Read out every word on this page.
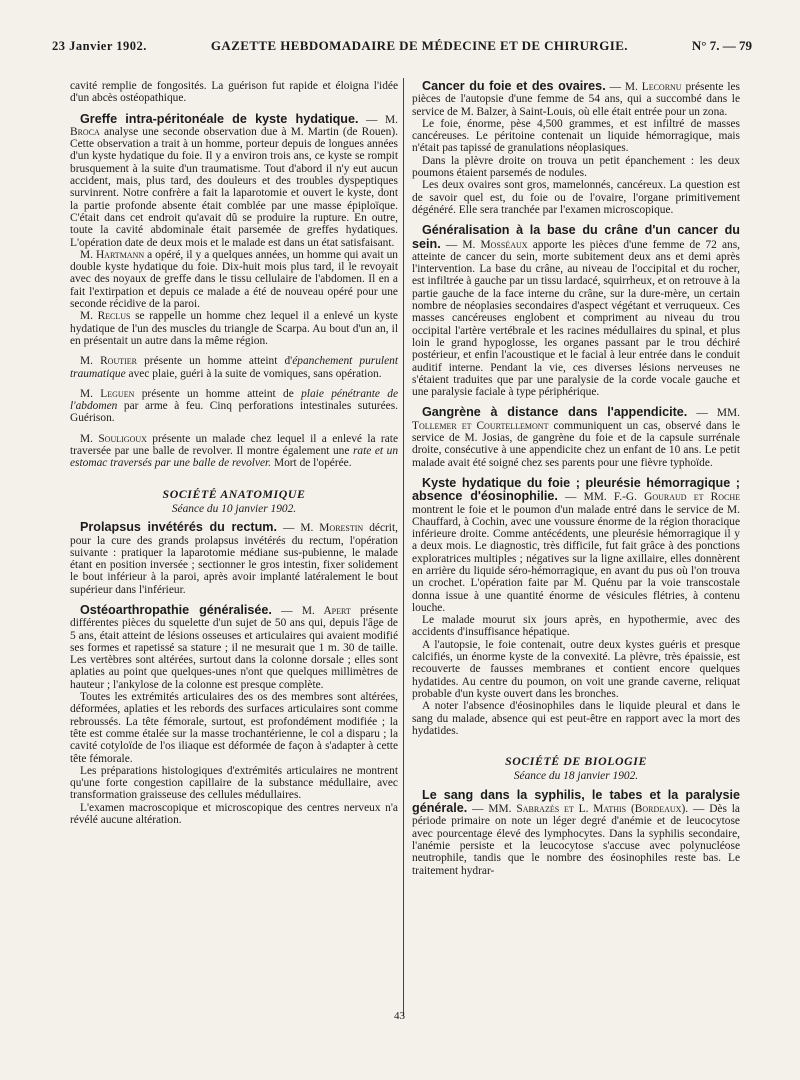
23 Janvier 1902.	GAZETTE HEBDOMADAIRE DE MÉDECINE ET DE CHIRURGIE.	N° 7. — 79

cavité remplie de fongosités. La guérison fut rapide et éloigna l'idée d'un abcès ostéopathique.

Greffe intra-péritonéale de kyste hydatique. — M. Broca analyse une seconde observation due à M. Martin (de Rouen). Cette observation a trait à un homme, porteur depuis de longues années d'un kyste hydatique du foie. Il y a environ trois ans, ce kyste se rompit brusquement à la suite d'un traumatisme. Tout d'abord il n'y eut aucun accident, mais, plus tard, des douleurs et des troubles dyspeptiques survinrent. Notre confrère a fait la laparotomie et ouvert le kyste, dont la partie profonde absente était comblée par une masse épiploïque. C'était dans cet endroit qu'avait dû se produire la rupture. En outre, toute la cavité abdominale était parsemée de greffes hydatiques. L'opération date de deux mois et le malade est dans un état satisfaisant.

M. Hartmann a opéré, il y a quelques années, un homme qui avait un double kyste hydatique du foie. Dix-huit mois plus tard, il le revoyait avec des noyaux de greffe dans le tissu cellulaire de l'abdomen. Il en a fait l'extirpation et depuis ce malade a été de nouveau opéré pour une seconde récidive de la paroi.

M. Reclus se rappelle un homme chez lequel il a enlevé un kyste hydatique de l'un des muscles du triangle de Scarpa. Au bout d'un an, il en présentait un autre dans la même région.

M. Routier présente un homme atteint d'épanchement purulent traumatique avec plaie, guéri à la suite de vomiques, sans opération.

M. Leguen présente un homme atteint de plaie pénétrante de l'abdomen par arme à feu. Cinq perforations intestinales suturées. Guérison.

M. Souligoux présente un malade chez lequel il a enlevé la rate traversée par une balle de revolver. Il montre également une rate et un estomac traversés par une balle de revolver. Mort de l'opérée.

SOCIÉTÉ ANATOMIQUE
Séance du 10 janvier 1902.

Prolapsus invétérés du rectum. — M. Morestin décrit, pour la cure des grands prolapsus invétérés du rectum, l'opération suivante : pratiquer la laparotomie médiane sus-pubienne, le malade étant en position inversée ; sectionner le gros intestin, fixer solidement le bout inférieur à la paroi, après avoir implanté latéralement le bout supérieur dans l'inférieur.

Ostéoarthropathie généralisée. — M. Apert présente différentes pièces du squelette d'un sujet de 50 ans qui, depuis l'âge de 5 ans, était atteint de lésions osseuses et articulaires qui avaient modifié ses formes et rapetissé sa stature ; il ne mesurait que 1 m. 30 de taille. Les vertèbres sont altérées, surtout dans la colonne dorsale ; elles sont aplaties au point que quelques-unes n'ont que quelques millimètres de hauteur ; l'ankylose de la colonne est presque complète.

Toutes les extrémités articulaires des os des membres sont altérées, déformées, aplaties et les rebords des surfaces articulaires sont comme rebroussés. La tête fémorale, surtout, est profondément modifiée ; la tête est comme étalée sur la masse trochantérienne, le col a disparu ; la cavité cotyloïde de l'os iliaque est déformée de façon à s'adapter à cette tête fémorale.

Les préparations histologiques d'extrémités articulaires ne montrent qu'une forte congestion capillaire de la substance médullaire, avec transformation graisseuse des cellules médullaires.

L'examen macroscopique et microscopique des centres nerveux n'a révélé aucune altération.

Cancer du foie et des ovaires. — M. Lecornu présente les pièces de l'autopsie d'une femme de 54 ans, qui a succombé dans le service de M. Balzer, à Saint-Louis, où elle était entrée pour un zona.

Le foie, énorme, pèse 4,500 grammes, et est infiltré de masses cancéreuses. Le péritoine contenait un liquide hémorragique, mais n'était pas tapissé de granulations néoplasiques.

Dans la plèvre droite on trouva un petit épanchement : les deux poumons étaient parsemés de nodules.

Les deux ovaires sont gros, mamelonnés, cancéreux. La question est de savoir quel est, du foie ou de l'ovaire, l'organe primitivement dégénéré. Elle sera tranchée par l'examen microscopique.

Généralisation à la base du crâne d'un cancer du sein. — M. Mosséaux apporte les pièces d'une femme de 72 ans, atteinte de cancer du sein, morte subitement deux ans et demi après l'intervention. La base du crâne, au niveau de l'occipital et du rocher, est infiltrée à gauche par un tissu lardacé, squirrheux, et on retrouve à la partie gauche de la face interne du crâne, sur la dure-mère, un certain nombre de néoplasies secondaires d'aspect végétant et verruqueux. Ces masses cancéreuses englobent et compriment au niveau du trou occipital l'artère vertébrale et les racines médullaires du spinal, et plus loin le grand hypoglosse, les organes passant par le trou déchiré postérieur, et enfin l'acoustique et le facial à leur entrée dans le conduit auditif interne. Pendant la vie, ces diverses lésions nerveuses ne s'étaient traduites que par une paralysie de la corde vocale gauche et une paralysie faciale à type périphérique.

Gangrène à distance dans l'appendicite. — MM. Tollemer et Courtellemont communiquent un cas, observé dans le service de M. Josias, de gangrène du foie et de la capsule surrénale droite, consécutive à une appendicite chez un enfant de 10 ans. Le petit malade avait été soigné chez ses parents pour une fièvre typhoïde.

Kyste hydatique du foie ; pleurésie hémorragique ; absence d'éosinophilie. — MM. F.-G. Gouraud et Roche montrent le foie et le poumon d'un malade entré dans le service de M. Chauffard, à Cochin, avec une voussure énorme de la région thoracique inférieure droite. Comme antécédents, une pleurésie hémorragique il y a deux mois. Le diagnostic, très difficile, fut fait grâce à des ponctions exploratrices multiples ; négatives sur la ligne axillaire, elles donnèrent en arrière du liquide séro-hémorragique, en avant du pus où l'on trouva un crochet. L'opération faite par M. Quénu par la voie transcostale donna issue à une quantité énorme de vésicules flétries, à contenu louche.

Le malade mourut six jours après, en hypothermie, avec des accidents d'insuffisance hépatique.

A l'autopsie, le foie contenait, outre deux kystes guéris et presque calcifiés, un énorme kyste de la convexité. La plèvre, très épaissie, est recouverte de fausses membranes et contient encore quelques hydatides. Au centre du poumon, on voit une grande caverne, reliquat probable d'un kyste ouvert dans les bronches.

A noter l'absence d'éosinophiles dans le liquide pleural et dans le sang du malade, absence qui est peut-être en rapport avec la mort des hydatides.

SOCIÉTÉ DE BIOLOGIE
Séance du 18 janvier 1902.

Le sang dans la syphilis, le tabes et la paralysie générale. — MM. Sabrazès et L. Mathis (Bordeaux). — Dès la période primaire on note un léger degré d'anémie et de leucocytose avec pourcentage élevé des lymphocytes. Dans la syphilis secondaire, l'anémie persiste et la leucocytose s'accuse avec polynucléose neutrophile, tandis que le nombre des éosinophiles reste bas. Le traitement hydrar-

43
